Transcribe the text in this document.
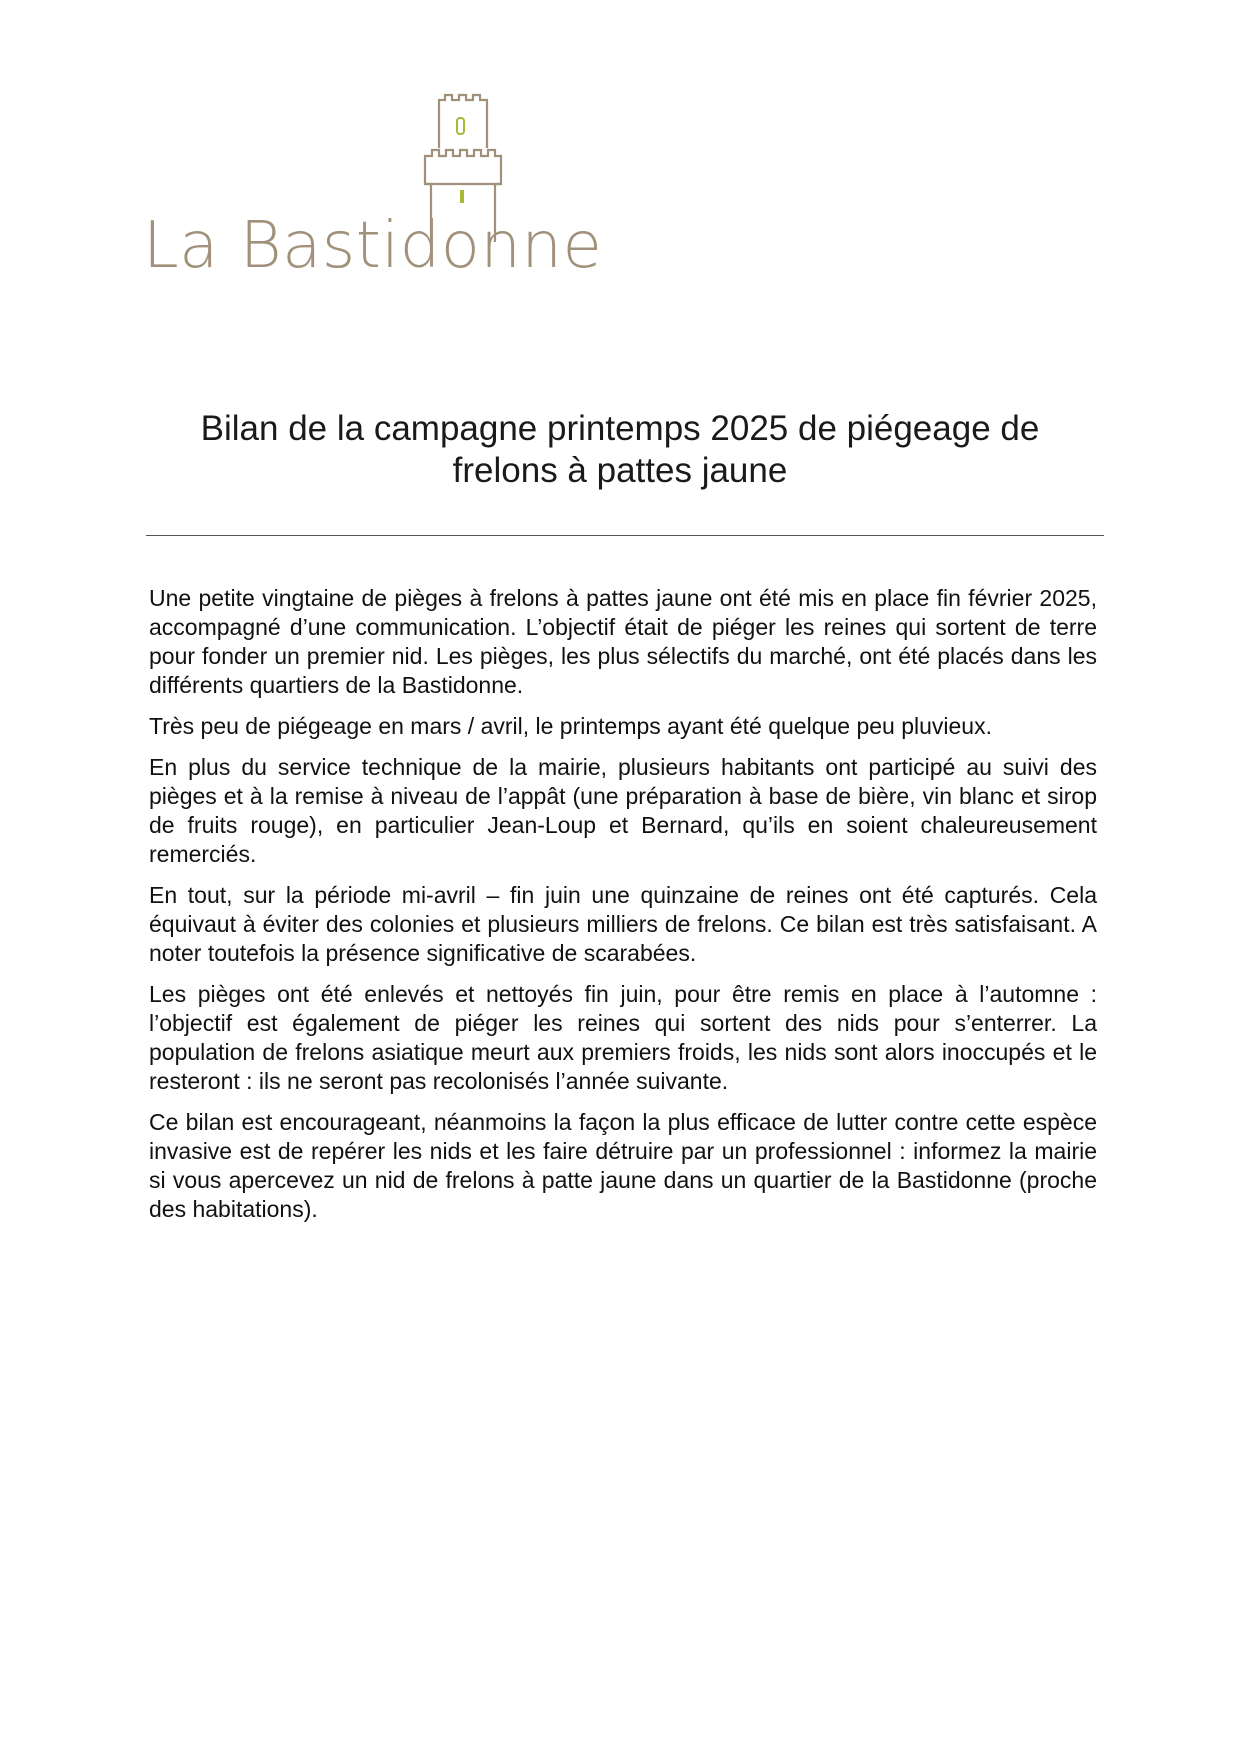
La Bastidonne
Bilan de la campagne printemps 2025 de piégeage de
frelons à pattes jaune

Une petite vingtaine de pièges à frelons à pattes jaune ont été mis en place fin février 2025, accompagné d’une communication. L’objectif était de piéger les reines qui sortent de terre pour fonder un premier nid. Les pièges, les plus sélectifs du marché, ont été placés dans les différents quartiers de la Bastidonne.

Très peu de piégeage en mars / avril, le printemps ayant été quelque peu pluvieux.

En plus du service technique de la mairie, plusieurs habitants ont participé au suivi des pièges et à la remise à niveau de l’appât (une préparation à base de bière, vin blanc et sirop de fruits rouge), en particulier Jean-Loup et Bernard, qu’ils en soient chaleureusement remerciés.

En tout, sur la période mi-avril – fin juin une quinzaine de reines ont été capturés. Cela équivaut à éviter des colonies et plusieurs milliers de frelons. Ce bilan est très satisfaisant. A noter toutefois la présence significative de scarabées.

Les pièges ont été enlevés et nettoyés fin juin, pour être remis en place à l’automne : l’objectif est également de piéger les reines qui sortent des nids pour s’enterrer. La population de frelons asiatique meurt aux premiers froids, les nids sont alors inoccupés et le resteront : ils ne seront pas recolonisés l’année suivante.

Ce bilan est encourageant, néanmoins la façon la plus efficace de lutter contre cette espèce invasive est de repérer les nids et les faire détruire par un professionnel : informez la mairie si vous apercevez un nid de frelons à patte jaune dans un quartier de la Bastidonne (proche des habitations).
